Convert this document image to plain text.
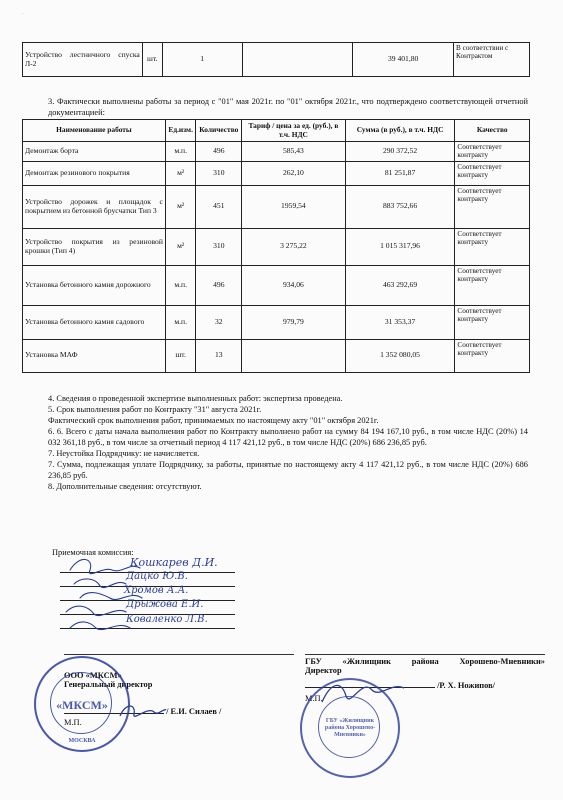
.
Устройство лестничного спуска Л-2	шт.	1		39 401,80	В соответствии с Контрактом
3. Фактически выполнены работы за период с "01" мая 2021г. по "01" октября 2021г., что подтверждено соответствующей отчетной документацией:
Наименование работы	Ед.изм.	Количество	Тариф / цена за ед. (руб.), в т.ч. НДС	Сумма (в руб.), в т.ч. НДС	Качество
Демонтаж борта	м.п.	496	585,43	290 372,52	Соответствует контракту
Демонтаж резинового покрытия	м²	310	262,10	81 251,87	Соответствует контракту
Устройство дорожек и площадок с покрытием из бетонной брусчатки Тип 3	м²	451	1959,54	883 752,66	Соответствует контракту
Устройство покрытия из резиновой крошки (Тип 4)	м²	310	3 275,22	1 015 317,96	Соответствует контракту
Установка бетонного камня дорожного	м.п.	496	934,06	463 292,69	Соответствует контракту
Установка бетонного камня садового	м.п.	32	979,79	31 353,37	Соответствует контракту
Установка МАФ	шт.	13		1 352 080,05	Соответствует контракту
4. Сведения о проведенной экспертизе выполненных работ: экспертиза проведена.
5. Срок выполнения работ по Контракту "31" августа 2021г.
Фактический срок выполнения работ, принимаемых по настоящему акту "01" октября 2021г.
6. 6. Всего с даты начала выполнения работ по Контракту выполнено работ на сумму 84 194 167,10 руб., в том числе НДС (20%) 14 032 361,18 руб., в том числе за отчетный период 4 117 421,12 руб., в том числе НДС (20%) 686 236,85 руб.
7. Неустойка Подрядчику: не начисляется.
7. Сумма, подлежащая уплате Подрядчику, за работы, принятые по настоящему акту 4 117 421,12 руб., в том числе НДС (20%) 686 236,85 руб.
8. Дополнительные сведения: отсутствуют.
Приемочная комиссия:
Кошкарев Д.И.
Дацко Ю.В.
Хромов А.А.
Дрыжова Е.И.
Коваленко Л.В.
ООО «МКСМ»
Генеральный директор
/ Е.И. Силаев /
М.П.
ГБУ «Жилищник района Хорошево-Мневники»
Директор
/Р. Х. Ножипов/
М.П.
«МКСМ»
МОСКВА
ГБУ «Жилищник района Хорошево-Мневники»
